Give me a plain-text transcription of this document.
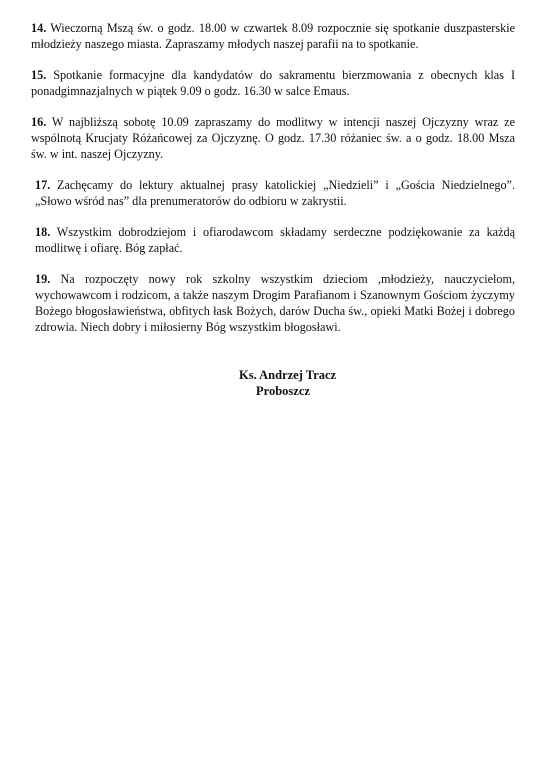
14. Wieczorną Mszą św. o godz. 18.00 w czwartek 8.09 rozpocznie się spotkanie duszpasterskie młodzieży naszego miasta. Zapraszamy młodych naszej parafii na to spotkanie.

15. Spotkanie formacyjne dla kandydatów do sakramentu bierzmowania z obecnych klas I ponadgimnazjalnych w piątek 9.09 o godz. 16.30 w salce Emaus.

16. W najbliższą sobotę 10.09 zapraszamy do modlitwy w intencji naszej Ojczyzny wraz ze wspólnotą Krucjaty Różańcowej za Ojczyznę. O godz. 17.30 różaniec św. a o godz. 18.00 Msza św. w int. naszej Ojczyzny.

17. Zachęcamy do lektury aktualnej prasy katolickiej „Niedzieli” i „Gościa Niedzielnego”. „Słowo wśród nas” dla prenumeratorów do odbioru w zakrystii.

18. Wszystkim dobrodziejom i ofiarodawcom składamy serdeczne podziękowanie za każdą modlitwę i ofiarę. Bóg zapłać.

19. Na rozpoczęty nowy rok szkolny wszystkim dzieciom ,młodzieży, nauczycielom, wychowawcom i rodzicom, a także naszym Drogim Parafianom i Szanownym Gościom życzymy Bożego błogosławieństwa, obfitych łask Bożych, darów Ducha św., opieki Matki Bożej i dobrego zdrowia. Niech dobry i miłosierny Bóg wszystkim błogosławi.

Ks. Andrzej Tracz
Proboszcz
